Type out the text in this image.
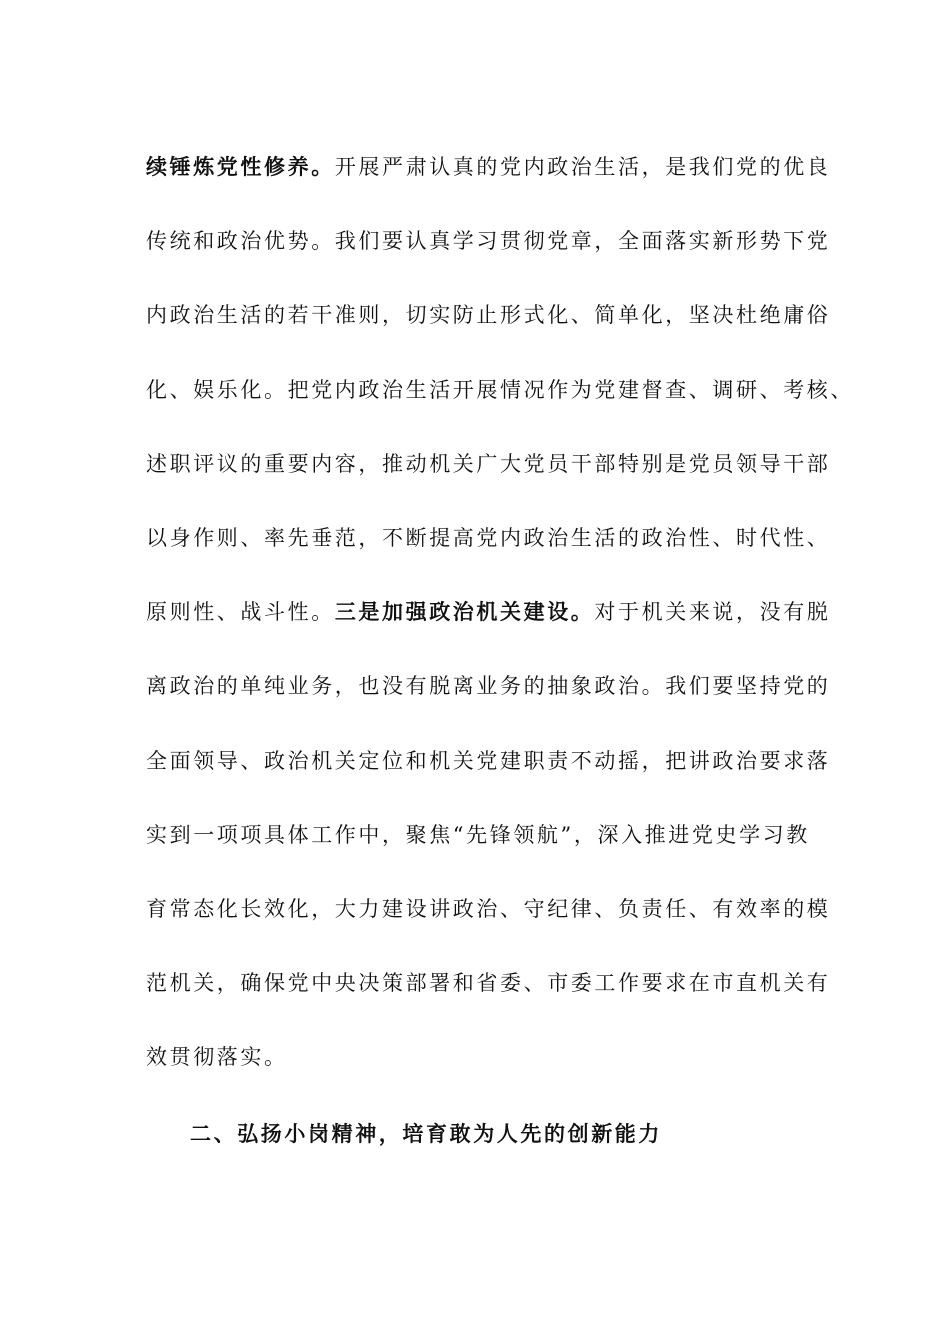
续锤炼党性修养。开展严肃认真的党内政治生活，是我们党的优良
传统和政治优势。我们要认真学习贯彻党章，全面落实新形势下党
内政治生活的若干准则，切实防止形式化、简单化，坚决杜绝庸俗
化、娱乐化。把党内政治生活开展情况作为党建督查、调研、考核、
述职评议的重要内容，推动机关广大党员干部特别是党员领导干部
以身作则、率先垂范，不断提高党内政治生活的政治性、时代性、
原则性、战斗性。三是加强政治机关建设。对于机关来说，没有脱
离政治的单纯业务，也没有脱离业务的抽象政治。我们要坚持党的
全面领导、政治机关定位和机关党建职责不动摇，把讲政治要求落
实到一项项具体工作中，聚焦“先锋领航”，深入推进党史学习教
育常态化长效化，大力建设讲政治、守纪律、负责任、有效率的模
范机关，确保党中央决策部署和省委、市委工作要求在市直机关有
效贯彻落实。
二、弘扬小岗精神，培育敢为人先的创新能力
